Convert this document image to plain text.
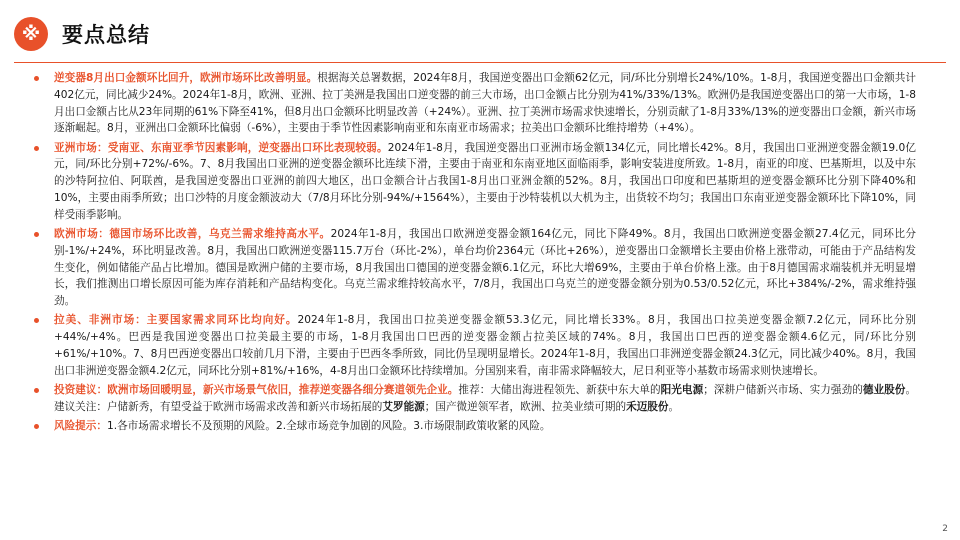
※	要点总结

逆变器8月出口金额环比回升，欧洲市场环比改善明显。根据海关总署数据，2024年8月，我国逆变器出口金额62亿元，同/环比分别增长24%/10%。1-8月，我国逆变器出口金额共计402亿元，同比减少24%。2024年1-8月，欧洲、亚洲、拉丁美洲是我国出口逆变器的前三大市场，出口金额占比分别为41%/33%/13%。欧洲仍是我国逆变器出口的第一大市场，1-8月出口金额占比从23年同期的61%下降至41%，但8月出口金额环比明显改善（+24%）。亚洲、拉丁美洲市场需求快速增长，分别贡献了1-8月33%/13%的逆变器出口金额，新兴市场逐渐崛起。8月，亚洲出口金额环比偏弱（-6%），主要由于季节性因素影响南亚和东南亚市场需求；拉美出口金额环比维持增势（+4%）。

亚洲市场：受南亚、东南亚季节因素影响，逆变器出口环比表现较弱。2024年1-8月，我国逆变器出口亚洲市场金额134亿元，同比增长42%。8月，我国出口亚洲逆变器金额19.0亿元，同/环比分别+72%/-6%。7、8月我国出口亚洲的逆变器金额环比连续下滑，主要由于南亚和东南亚地区面临雨季，影响安装进度所致。1-8月，南亚的印度、巴基斯坦，以及中东的沙特阿拉伯、阿联酋，是我国逆变器出口亚洲的前四大地区，出口金额合计占我国1-8月出口亚洲金额的52%。8月，我国出口印度和巴基斯坦的逆变器金额环比分别下降40%和10%，主要由雨季所致；出口沙特的月度金额波动大（7/8月环比分别-94%/+1564%），主要由于沙特装机以大机为主，出货较不均匀；我国出口东南亚逆变器金额环比下降10%，同样受雨季影响。

欧洲市场：德国市场环比改善，乌克兰需求维持高水平。2024年1-8月，我国出口欧洲逆变器金额164亿元，同比下降49%。8月，我国出口欧洲逆变器金额27.4亿元，同环比分别-1%/+24%，环比明显改善。8月，我国出口欧洲逆变器115.7万台（环比-2%），单台均价2364元（环比+26%），逆变器出口金额增长主要由价格上涨带动，可能由于产品结构发生变化，例如储能产品占比增加。德国是欧洲户储的主要市场，8月我国出口德国的逆变器金额6.1亿元，环比大增69%，主要由于单台价格上涨。由于8月德国需求端装机并无明显增长，我们推测出口增长原因可能为库存消耗和产品结构变化。乌克兰需求维持较高水平，7/8月，我国出口乌克兰的逆变器金额分别为0.53/0.52亿元，环比+384%/-2%，需求维持强劲。

拉美、非洲市场：主要国家需求同环比均向好。2024年1-8月，我国出口拉美逆变器金额53.3亿元，同比增长33%。8月，我国出口拉美逆变器金额7.2亿元，同环比分别+44%/+4%。巴西是我国逆变器出口拉美最主要的市场，1-8月我国出口巴西的逆变器金额占拉美区域的74%。8月，我国出口巴西的逆变器金额4.6亿元，同/环比分别+61%/+10%。7、8月巴西逆变器出口较前几月下滑，主要由于巴西冬季所致，同比仍呈现明显增长。2024年1-8月，我国出口非洲逆变器金额24.3亿元，同比减少40%。8月，我国出口非洲逆变器金额4.2亿元，同环比分别+81%/+16%，4-8月出口金额环比持续增加。分国别来看，南非需求降幅较大，尼日利亚等小基数市场需求则快速增长。

投资建议：欧洲市场回暖明显，新兴市场景气依旧，推荐逆变器各细分赛道领先企业。推荐：大储出海进程领先、新获中东大单的阳光电源；深耕户储新兴市场、实力强劲的德业股份。建议关注：户储新秀，有望受益于欧洲市场需求改善和新兴市场拓展的艾罗能源；国产微逆领军者，欧洲、拉美业绩可期的禾迈股份。

风险提示：1.各市场需求增长不及预期的风险。2.全球市场竞争加剧的风险。3.市场限制政策收紧的风险。

2
